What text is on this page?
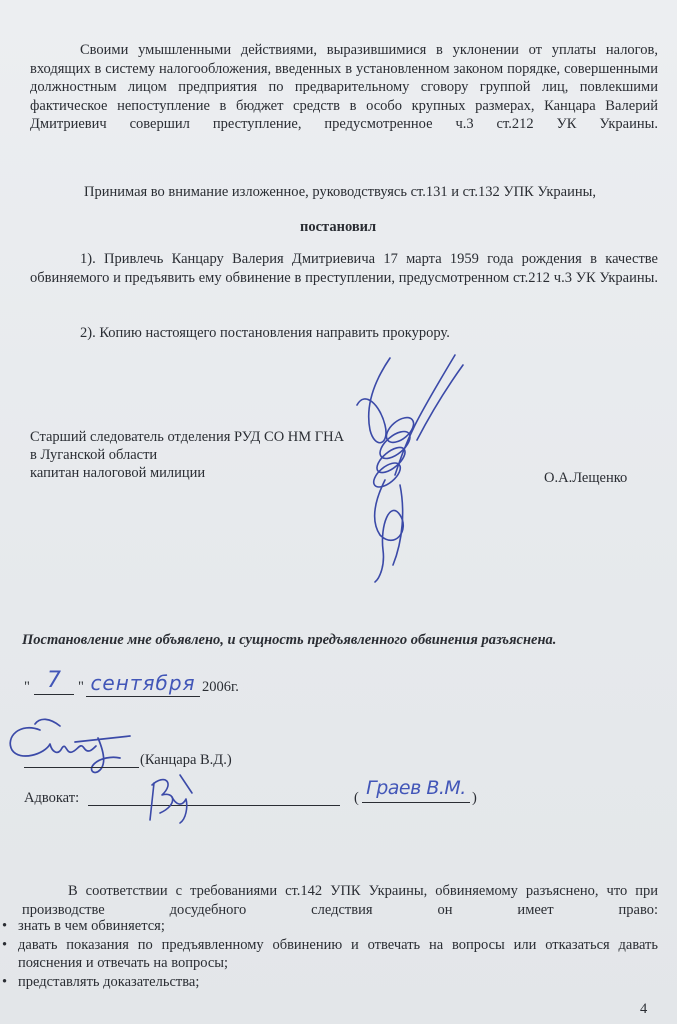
Своими умышленными действиями, выразившимися в уклонении от уплаты налогов, входящих в систему налогообложения, введенных в установленном законом порядке, совершенными должностным лицом предприятия по предварительному сговору группой лиц, повлекшими фактическое непоступление в бюджет средств в особо крупных размерах, Канцара Валерий Дмитриевич совершил преступление, предусмотренное ч.3 ст.212 УК Украины.

Принимая во внимание изложенное, руководствуясь ст.131 и ст.132 УПК Украины,

постановил

1). Привлечь Канцару Валерия Дмитриевича 17 марта 1959 года рождения в качестве обвиняемого и предъявить ему обвинение в преступлении, предусмотренном ст.212 ч.3 УК Украины.

2). Копию настоящего постановления направить прокурору.

Старший следователь отделения РУД СО НМ ГНА

в Луганской области

капитан налоговой милиции	О.А.Лещенко

Постановление мне объявлено, и сущность предъявленного обвинения разъяснена.

" 7	" сентября 2006г.

(Канцара В.Д.)

Адвокат:	( Граев В.М. )

В соответствии с требованиями ст.142 УПК Украины, обвиняемому разъяснено, что при производстве досудебного следствия он имеет право:

• знать в чем обвиняется;
• давать показания по предъявленному обвинению и отвечать на вопросы или отказаться давать пояснения и отвечать на вопросы;
• представлять доказательства;

4
